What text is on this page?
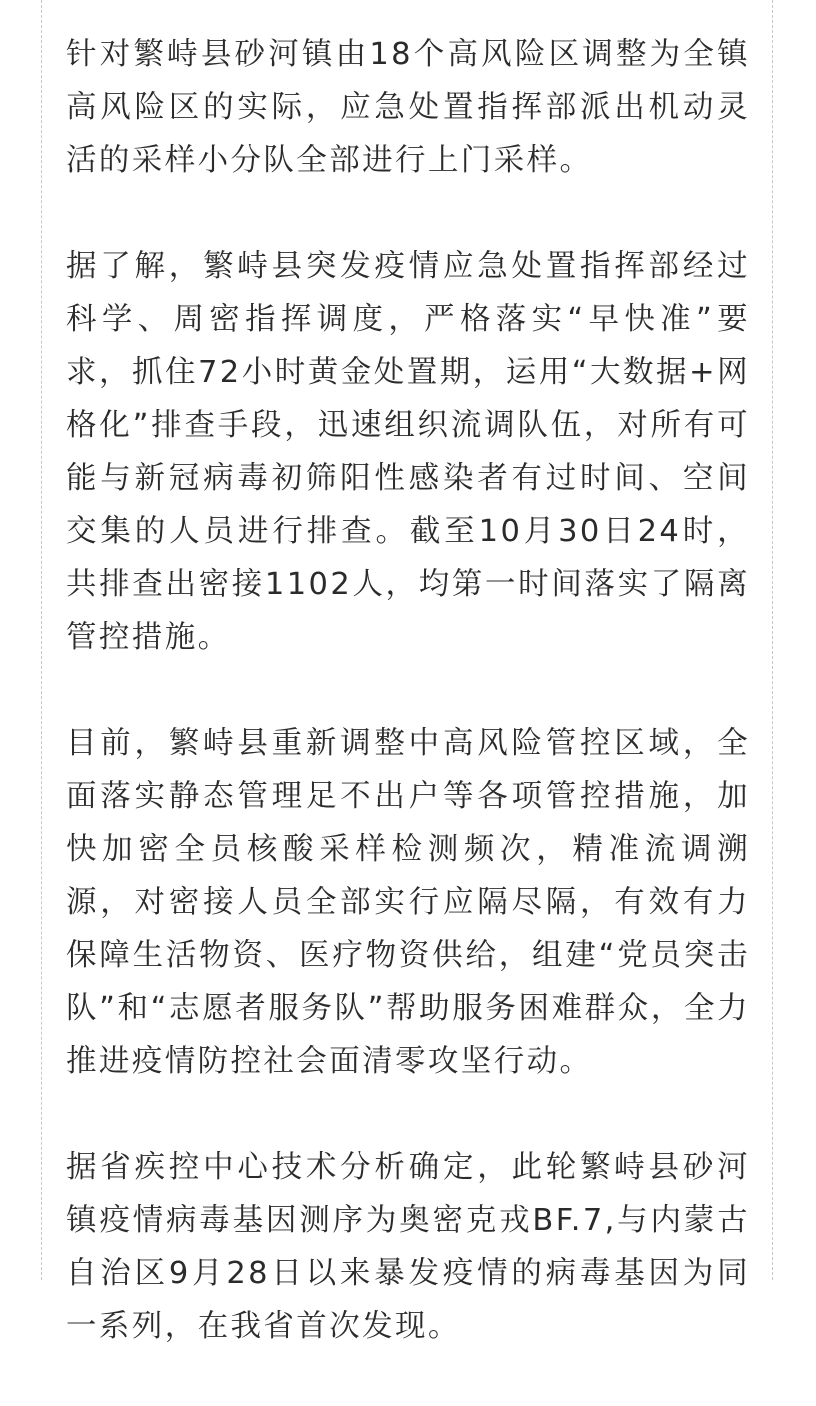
针对繁峙县砂河镇由18个高风险区调整为全镇高风险区的实际，应急处置指挥部派出机动灵活的采样小分队全部进行上门采样。

据了解，繁峙县突发疫情应急处置指挥部经过科学、周密指挥调度，严格落实“早快准”要求，抓住72小时黄金处置期，运用“大数据+网格化”排查手段，迅速组织流调队伍，对所有可能与新冠病毒初筛阳性感染者有过时间、空间交集的人员进行排查。截至10月30日24时，共排查出密接1102人，均第一时间落实了隔离管控措施。

目前，繁峙县重新调整中高风险管控区域，全面落实静态管理足不出户等各项管控措施，加快加密全员核酸采样检测频次，精准流调溯源，对密接人员全部实行应隔尽隔，有效有力保障生活物资、医疗物资供给，组建“党员突击队”和“志愿者服务队”帮助服务困难群众，全力推进疫情防控社会面清零攻坚行动。

据省疾控中心技术分析确定，此轮繁峙县砂河镇疫情病毒基因测序为奥密克戎BF.7,与内蒙古自治区9月28日以来暴发疫情的病毒基因为同一系列，在我省首次发现。
